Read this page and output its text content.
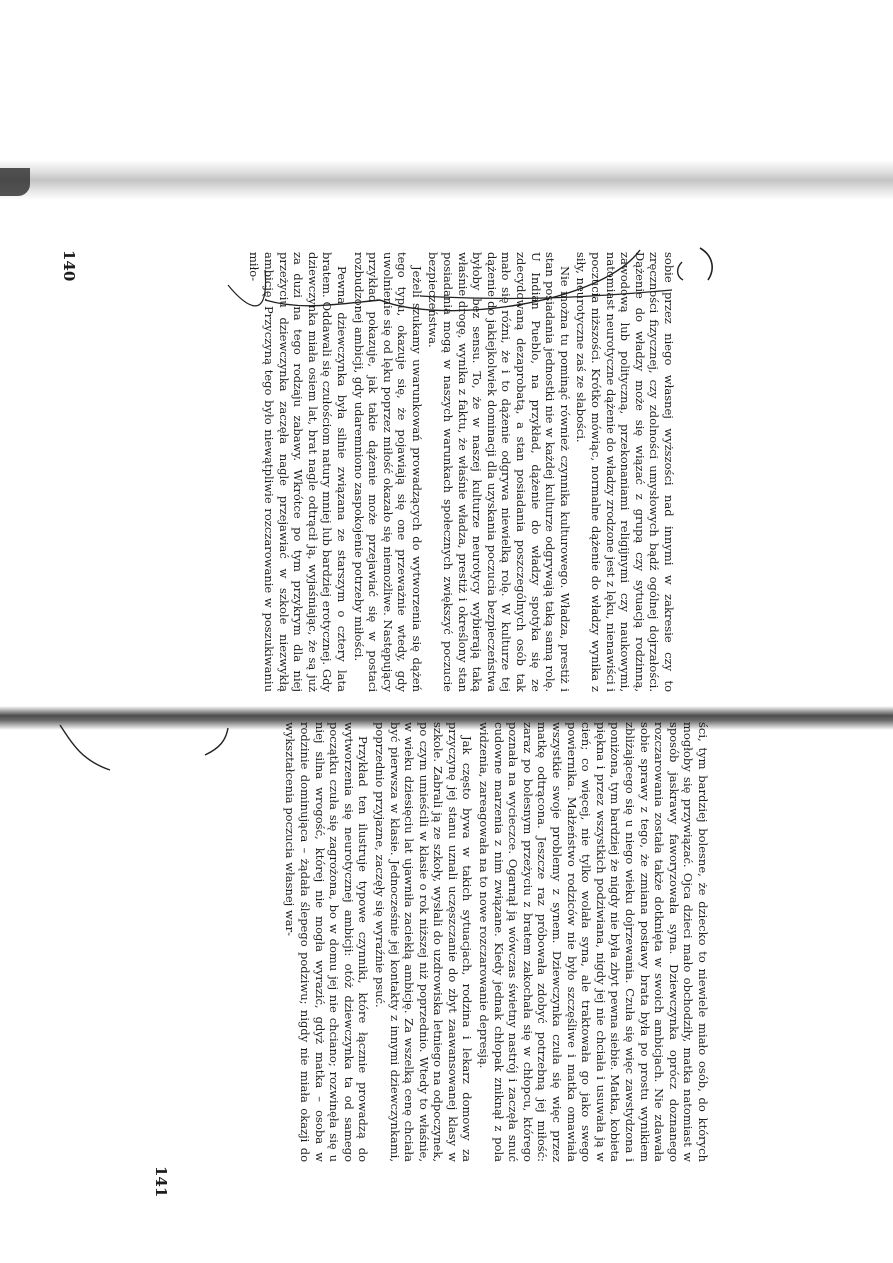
sobie przez niego własnej wyższości nad innymi w zakresie czy to zręczności fizycznej, czy zdolności umysłowych bądź ogólnej dojrzałości. Dążenie do władzy może się wiązać z grupą czy sytuacją rodzinną, zawodową lub polityczną, przekonaniami religijnymi czy naukowymi, natomiast neurotyczne dążenie do władzy zrodzone jest z lęku, nienawiści i poczucia niższości. Krótko mówiąc, normalne dążenie do władzy wynika z siły, neurotyczne zaś ze słabości.

Nie można tu pominąć również czynnika kulturowego. Władza, prestiż i stan posiadania jednostki nie w każdej kulturze odgrywają taką samą rolę. U Indian Pueblo, na przykład, dążenie do władzy spotyka się ze zdecydowaną dezaprobatą, a stan posiadania poszczególnych osób tak mało się różni, że i to dążenie odgrywa niewielką rolę. W kulturze tej dążenie do jakiejkolwiek dominacji dla uzyskania poczucia bezpieczeństwa byłoby bez sensu. To, że w naszej kulturze neurotycy wybierają taką właśnie drogę, wynika z faktu, że właśnie władza, prestiż i określony stan posiadania mogą w naszych warunkach społecznych zwiększyć poczucie bezpieczeństwa.

Jeżeli szukamy uwarunkowań prowadzących do wytworzenia się dążeń tego typu, okazuje się, że pojawiają się one przeważnie wtedy, gdy uwolnienie się od lęku poprzez miłość okazało się niemożliwe. Następujący przykład pokazuje, jak takie dążenie może przejawiać się w postaci rozbudzonej ambicji, gdy udaremniono zaspokojenie potrzeby miłości.

Pewna dziewczynka była silnie związana ze starszym o cztery lata bratem. Oddawali się czułościom natury mniej lub bardziej erotycznej. Gdy dziewczynka miała osiem lat, brat nagle odtrącił ją, wyjaśniając, że są już za duzi na tego rodzaju zabawy. Wkrótce po tym przykrym dla niej przeżyciu dziewczynka zaczęła nagle przejawiać w szkole niezwykłą ambicję. Przyczyną tego było niewątpliwie rozczarowanie w poszukiwaniu miło-

140

ści, tym bardziej bolesne, że dziecko to niewiele miało osób, do których mogłoby się przywiązać. Ojca dzieci mało obchodziły, matka natomiast w sposób jaskrawy faworyzowała syna. Dziewczynka oprócz doznanego rozczarowania została także dotknięta w swoich ambicjach. Nie zdawała sobie sprawy z tego, że zmiana postawy brata była po prostu wynikiem zbliżającego się u niego wieku dojrzewania. Czuła się więc zawstydzona i poniżona, tym bardziej że nigdy nie była zbyt pewna siebie. Matka, kobieta piękna i przez wszystkich podziwiana, nigdy jej nie chciała i usuwała ją w cień; co więcej, nie tylko wolała syna, ale traktowała go jako swego powiernika. Małżeństwo rodziców nie było szczęśliwe i matka omawiała wszystkie swoje problemy z synem. Dziewczynka czuła się więc przez matkę odtrącona. Jeszcze raz próbowała zdobyć potrzebną jej miłość: zaraz po bolesnym przeżyciu z bratem zakochała się w chłopcu, którego poznała na wycieczce. Ogarnął ją wówczas świetny nastrój i zaczęła snuć cudowne marzenia z nim związane. Kiedy jednak chłopak zniknął z pola widzenia, zareagowała na to nowe rozczarowanie depresją.

Jak często bywa w takich sytuacjach, rodzina i lekarz domowy za przyczynę jej stanu uznali uczęszczanie do zbyt zaawansowanej klasy w szkole. Zabrali ją ze szkoły, wysłali do uzdrowiska letniego na odpoczynek, po czym umieścili w klasie o rok niższej niż poprzednio. Wtedy to właśnie, w wieku dziesięciu lat ujawniła zaciekłą ambicję. Za wszelką cenę chciała być pierwsza w klasie. Jednocześnie jej kontakty z innymi dziewczynkami, poprzednio przyjazne, zaczęły się wyraźnie psuć.

Przykład ten ilustruje typowe czynniki, które łącznie prowadzą do wytworzenia się neurotycznej ambicji: otóż dziewczynka ta od samego początku czuła się zagrożona, bo w domu jej nie chciano; rozwinęła się u niej silna wrogość, której nie mogła wyrazić, gdyż matka – osoba w rodzinie dominująca – żądała ślepego podziwu; nigdy nie miała okazji do wykształcenia poczucia własnej war-

141
